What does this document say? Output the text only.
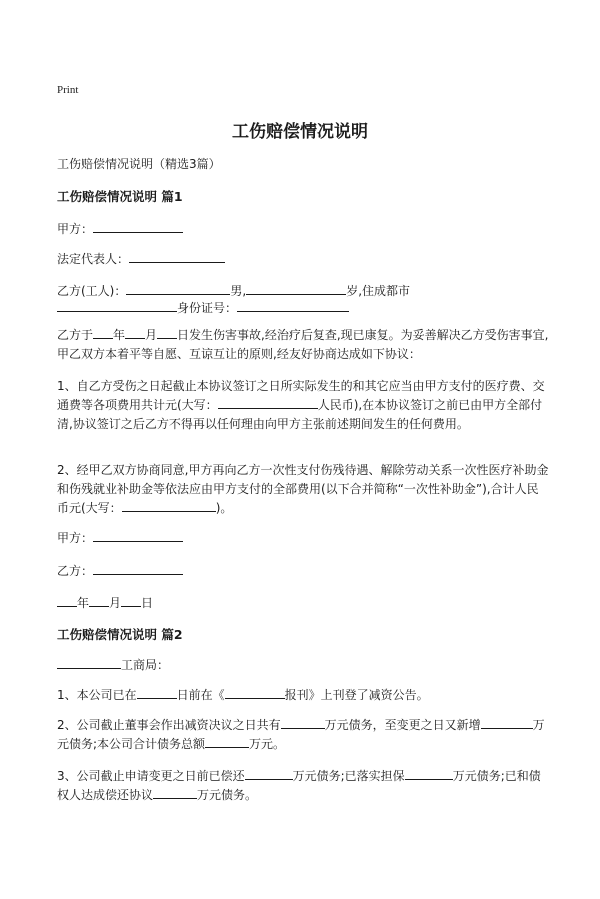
Print
工伤赔偿情况说明
工伤赔偿情况说明（精选3篇）
工伤赔偿情况说明 篇1
甲方：
法定代表人：
乙方(工人)：	男,	岁,住成都市
身份证号：
乙方于 年 月 日发生伤害事故,经治疗后复查,现已康复。为妥善解决乙方受伤害事宜,甲乙双方本着平等自愿、互谅互让的原则,经友好协商达成如下协议：
1、自乙方受伤之日起截止本协议签订之日所实际发生的和其它应当由甲方支付的医疗费、交通费等各项费用共计元(大写：	人民币),在本协议签订之前已由甲方全部付清,协议签订之后乙方不得再以任何理由向甲方主张前述期间发生的任何费用。
2、经甲乙双方协商同意,甲方再向乙方一次性支付伤残待遇、解除劳动关系一次性医疗补助金和伤残就业补助金等依法应由甲方支付的全部费用(以下合并简称“一次性补助金”),合计人民币元(大写：	)。
甲方：
乙方：
年 月 日
工伤赔偿情况说明 篇2
工商局：
1、本公司已在	日前在《	报刊》上刊登了减资公告。
2、公司截止董事会作出减资决议之日共有	万元债务，至变更之日又新增	万元债务;本公司合计债务总额	万元。
3、公司截止申请变更之日前已偿还	万元债务;已落实担保	万元债务;已和债权人达成偿还协议	万元债务。
